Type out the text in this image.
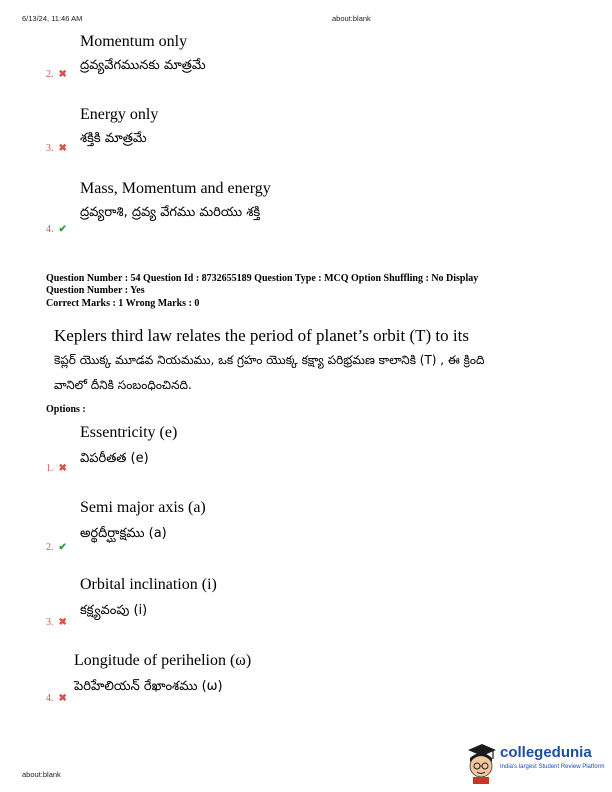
6/13/24, 11:46 AM	about:blank
Momentum only
ద్రవ్యవేగమునకు మాత్రమే
2. ✖
Energy only
శక్తికి మాత్రమే
3. ✖
Mass, Momentum and energy
ద్రవ్యరాశి, ద్రవ్య వేగము మరియు శక్తి
4. ✔
Question Number : 54 Question Id : 8732655189 Question Type : MCQ Option Shuffling : No Display
Question Number : Yes
Correct Marks : 1 Wrong Marks : 0
Keplers third law relates the period of planet’s orbit (T) to its
కెప్లర్ యొక్క మూడవ నియమము, ఒక గ్రహం యొక్క కక్ష్యా పరిభ్రమణ కాలానికి (T) , ఈ క్రింది
వానిలో దీనికి సంబంధించినది.
Options :
Essentricity (e)
విపరీతత (e)
1. ✖
Semi major axis (a)
అర్థదీర్ఘాక్షము (a)
2. ✔
Orbital inclination (i)
కక్ష్యవంపు (i)
3. ✖
Longitude of perihelion (ω)
పెరిహేలియన్ రేఖాంశము (ω)
4. ✖
about:blank
collegedunia
India's largest Student Review Platform
